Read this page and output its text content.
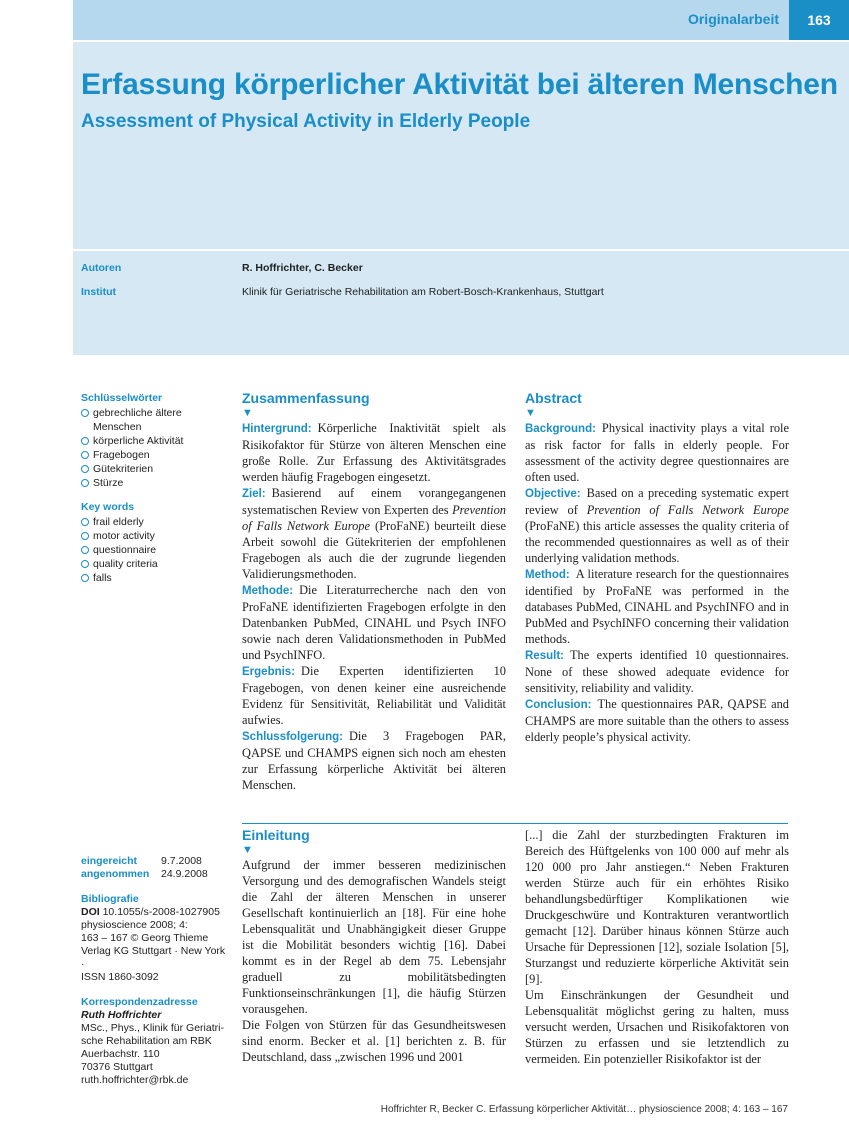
Originalarbeit	163
Erfassung körperlicher Aktivität bei älteren Menschen
Assessment of Physical Activity in Elderly People
Autoren	R. Hoffrichter, C. Becker
Institut	Klinik für Geriatrische Rehabilitation am Robert-Bosch-Krankenhaus, Stuttgart
Schlüsselwörter
gebrechliche ältere Menschen
körperliche Aktivität
Fragebogen
Gütekriterien
Stürze
Key words
frail elderly
motor activity
questionnaire
quality criteria
falls
Zusammenfassung
▼
Hintergrund: Körperliche Inaktivität spielt als Risikofaktor für Stürze von älteren Menschen eine große Rolle. Zur Erfassung des Aktivitätsgrades werden häufig Fragebogen eingesetzt.
Ziel: Basierend auf einem vorangegangenen systematischen Review von Experten des Prevention of Falls Network Europe (ProFaNE) beurteilt diese Arbeit sowohl die Gütekriterien der empfohlenen Fragebogen als auch die der zugrunde liegenden Validierungsmethoden.
Methode: Die Literaturrecherche nach den von ProFaNE identifizierten Fragebogen erfolgte in den Datenbanken PubMed, CINAHL und Psych INFO sowie nach deren Validationsmethoden in PubMed und PsychINFO.
Ergebnis: Die Experten identifizierten 10 Fragebogen, von denen keiner eine ausreichende Evidenz für Sensitivität, Reliabilität und Validität aufwies.
Schlussfolgerung: Die 3 Fragebogen PAR, QAPSE und CHAMPS eignen sich noch am ehesten zur Erfassung körperliche Aktivität bei älteren Menschen.
Abstract
▼
Background: Physical inactivity plays a vital role as risk factor for falls in elderly people. For assessment of the activity degree questionnaires are often used.
Objective: Based on a preceding systematic expert review of Prevention of Falls Network Europe (ProFaNE) this article assesses the quality criteria of the recommended questionnaires as well as of their underlying validation methods.
Method: A literature research for the questionnaires identified by ProFaNE was performed in the databases PubMed, CINAHL and PsychINFO and in PubMed and PsychINFO concerning their validation methods.
Result: The experts identified 10 questionnaires. None of these showed adequate evidence for sensitivity, reliability and validity.
Conclusion: The questionnaires PAR, QAPSE and CHAMPS are more suitable than the others to assess elderly people’s physical activity.
eingereicht 9.7.2008
angenommen 24.9.2008
Bibliografie
DOI 10.1055/s-2008-1027905
physioscience 2008; 4:
163 – 167 © Georg Thieme
Verlag KG Stuttgart · New York ·
ISSN 1860-3092
Korrespondenzadresse
Ruth Hoffrichter
MSc., Phys., Klinik für Geriatri-
sche Rehabilitation am RBK
Auerbachstr. 110
70376 Stuttgart
ruth.hoffrichter@rbk.de
Einleitung
▼
Aufgrund der immer besseren medizinischen Versorgung und des demografischen Wandels steigt die Zahl der älteren Menschen in unserer Gesellschaft kontinuierlich an [18]. Für eine hohe Lebensqualität und Unabhängigkeit dieser Gruppe ist die Mobilität besonders wichtig [16]. Dabei kommt es in der Regel ab dem 75. Lebensjahr graduell zu mobilitätsbedingten Funktionseinschränkungen [1], die häufig Stürzen vorausgehen.
Die Folgen von Stürzen für das Gesundheitswesen sind enorm. Becker et al. [1] berichten z. B. für Deutschland, dass „zwischen 1996 und 2001
[...] die Zahl der sturzbedingten Frakturen im Bereich des Hüftgelenks von 100 000 auf mehr als 120 000 pro Jahr anstiegen.“ Neben Frakturen werden Stürze auch für ein erhöhtes Risiko behandlungsbedürftiger Komplikationen wie Druckgeschwüre und Kontrakturen verantwortlich gemacht [12]. Darüber hinaus können Stürze auch Ursache für Depressionen [12], soziale Isolation [5], Sturzangst und reduzierte körperliche Aktivität sein [9].
Um Einschränkungen der Gesundheit und Lebensqualität möglichst gering zu halten, muss versucht werden, Ursachen und Risikofaktoren von Stürzen zu erfassen und sie letztendlich zu vermeiden. Ein potenzieller Risikofaktor ist der
Hoffrichter R, Becker C. Erfassung körperlicher Aktivität… physioscience 2008; 4: 163 – 167
